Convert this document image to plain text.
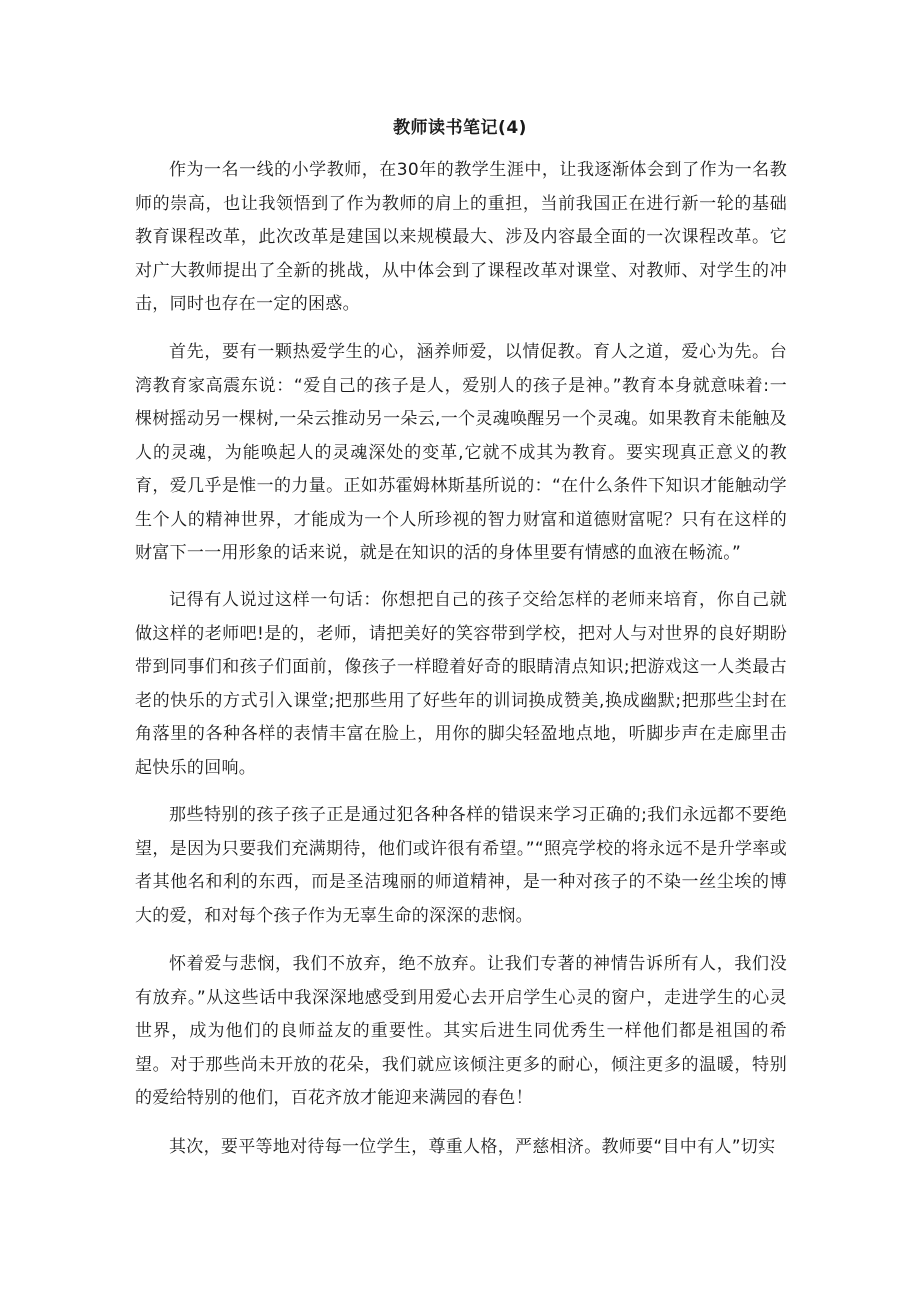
教师读书笔记(4)

作为一名一线的小学教师，在30年的教学生涯中，让我逐渐体会到了作为一名教师的崇高，也让我领悟到了作为教师的肩上的重担，当前我国正在进行新一轮的基础教育课程改革，此次改革是建国以来规模最大、涉及内容最全面的一次课程改革。它对广大教师提出了全新的挑战，从中体会到了课程改革对课堂、对教师、对学生的冲击，同时也存在一定的困惑。

首先，要有一颗热爱学生的心，涵养师爱，以情促教。育人之道，爱心为先。台湾教育家高震东说：“爱自己的孩子是人，爱别人的孩子是神。”教育本身就意味着:一棵树摇动另一棵树,一朵云推动另一朵云,一个灵魂唤醒另一个灵魂。如果教育未能触及人的灵魂，为能唤起人的灵魂深处的变革,它就不成其为教育。要实现真正意义的教育，爱几乎是惟一的力量。正如苏霍姆林斯基所说的：“在什么条件下知识才能触动学生个人的精神世界，才能成为一个人所珍视的智力财富和道德财富呢？只有在这样的财富下一一用形象的话来说，就是在知识的活的身体里要有情感的血液在畅流。”

记得有人说过这样一句话：你想把自己的孩子交给怎样的老师来培育，你自己就做这样的老师吧!是的，老师，请把美好的笑容带到学校，把对人与对世界的良好期盼带到同事们和孩子们面前，像孩子一样瞪着好奇的眼睛清点知识;把游戏这一人类最古老的快乐的方式引入课堂;把那些用了好些年的训词换成赞美,换成幽默;把那些尘封在角落里的各种各样的表情丰富在脸上，用你的脚尖轻盈地点地，听脚步声在走廊里击起快乐的回响。

那些特别的孩子孩子正是通过犯各种各样的错误来学习正确的;我们永远都不要绝望，是因为只要我们充满期待，他们或许很有希望。”“照亮学校的将永远不是升学率或者其他名和利的东西，而是圣洁瑰丽的师道精神，是一种对孩子的不染一丝尘埃的博大的爱，和对每个孩子作为无辜生命的深深的悲悯。

怀着爱与悲悯，我们不放弃，绝不放弃。让我们专著的神情告诉所有人，我们没有放弃。”从这些话中我深深地感受到用爱心去开启学生心灵的窗户，走进学生的心灵世界，成为他们的良师益友的重要性。其实后进生同优秀生一样他们都是祖国的希望。对于那些尚未开放的花朵，我们就应该倾注更多的耐心，倾注更多的温暖，特别的爱给特别的他们，百花齐放才能迎来满园的春色！

其次，要平等地对待每一位学生，尊重人格，严慈相济。教师要“目中有人”切实
